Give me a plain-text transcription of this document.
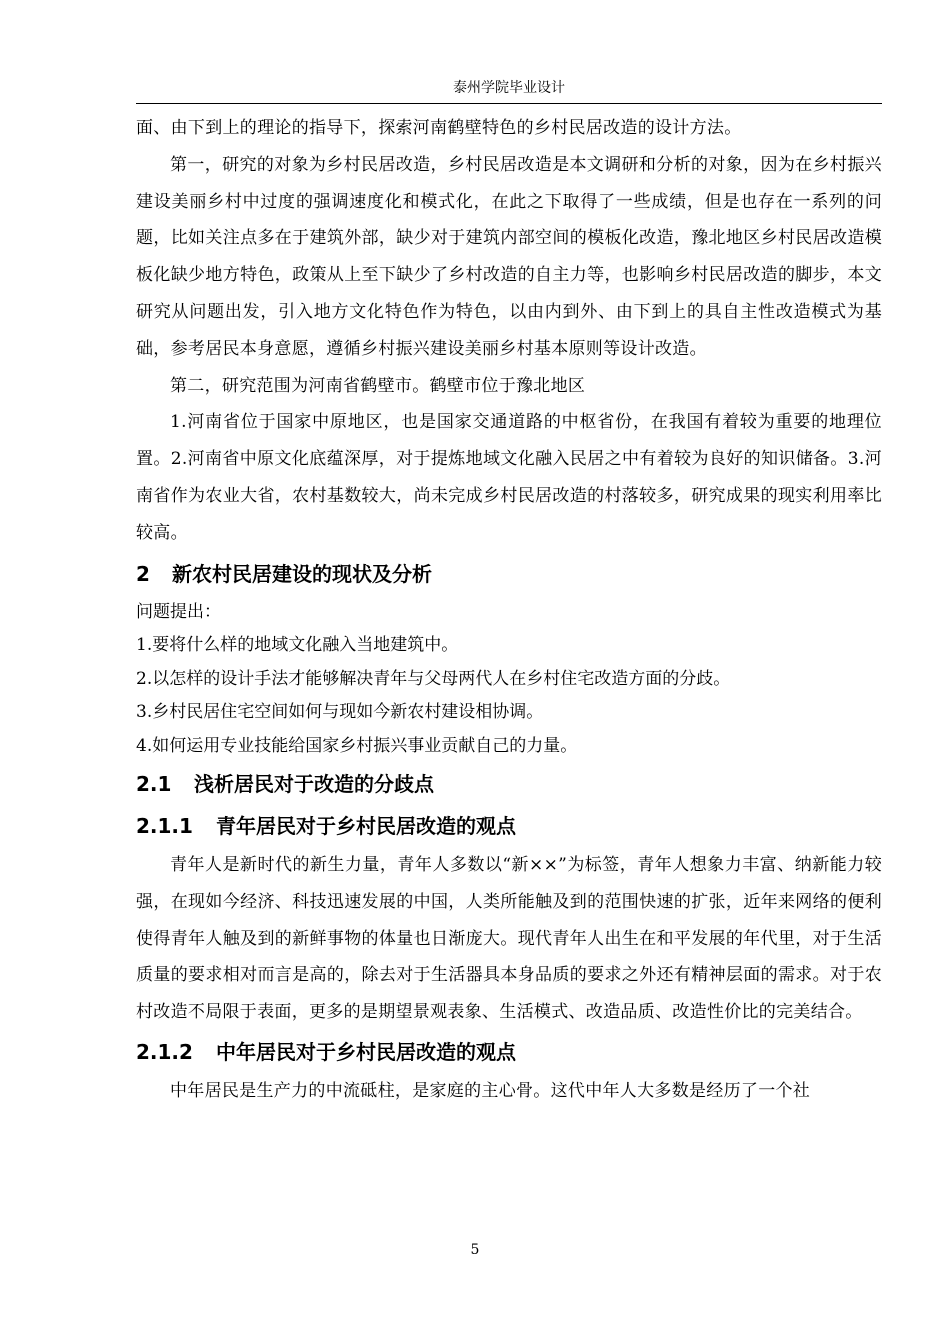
泰州学院毕业设计

面、由下到上的理论的指导下，探索河南鹤壁特色的乡村民居改造的设计方法。

第一，研究的对象为乡村民居改造，乡村民居改造是本文调研和分析的对象，因为在乡村振兴建设美丽乡村中过度的强调速度化和模式化，在此之下取得了一些成绩，但是也存在一系列的问题，比如关注点多在于建筑外部，缺少对于建筑内部空间的模板化改造，豫北地区乡村民居改造模板化缺少地方特色，政策从上至下缺少了乡村改造的自主力等，也影响乡村民居改造的脚步，本文研究从问题出发，引入地方文化特色作为特色，以由内到外、由下到上的具自主性改造模式为基础，参考居民本身意愿，遵循乡村振兴建设美丽乡村基本原则等设计改造。

第二，研究范围为河南省鹤壁市。鹤壁市位于豫北地区

1.河南省位于国家中原地区，也是国家交通道路的中枢省份，在我国有着较为重要的地理位置。2.河南省中原文化底蕴深厚，对于提炼地域文化融入民居之中有着较为良好的知识储备。3.河南省作为农业大省，农村基数较大，尚未完成乡村民居改造的村落较多，研究成果的现实利用率比较高。

2 新农村民居建设的现状及分析

问题提出：

1.要将什么样的地域文化融入当地建筑中。

2.以怎样的设计手法才能够解决青年与父母两代人在乡村住宅改造方面的分歧。

3.乡村民居住宅空间如何与现如今新农村建设相协调。

4.如何运用专业技能给国家乡村振兴事业贡献自己的力量。

2.1 浅析居民对于改造的分歧点
2.1.1 青年居民对于乡村民居改造的观点

青年人是新时代的新生力量，青年人多数以“新××”为标签，青年人想象力丰富、纳新能力较强，在现如今经济、科技迅速发展的中国，人类所能触及到的范围快速的扩张，近年来网络的便利使得青年人触及到的新鲜事物的体量也日渐庞大。现代青年人出生在和平发展的年代里，对于生活质量的要求相对而言是高的，除去对于生活器具本身品质的要求之外还有精神层面的需求。对于农村改造不局限于表面，更多的是期望景观表象、生活模式、改造品质、改造性价比的完美结合。

2.1.2 中年居民对于乡村民居改造的观点

中年居民是生产力的中流砥柱，是家庭的主心骨。这代中年人大多数是经历了一个社

5
